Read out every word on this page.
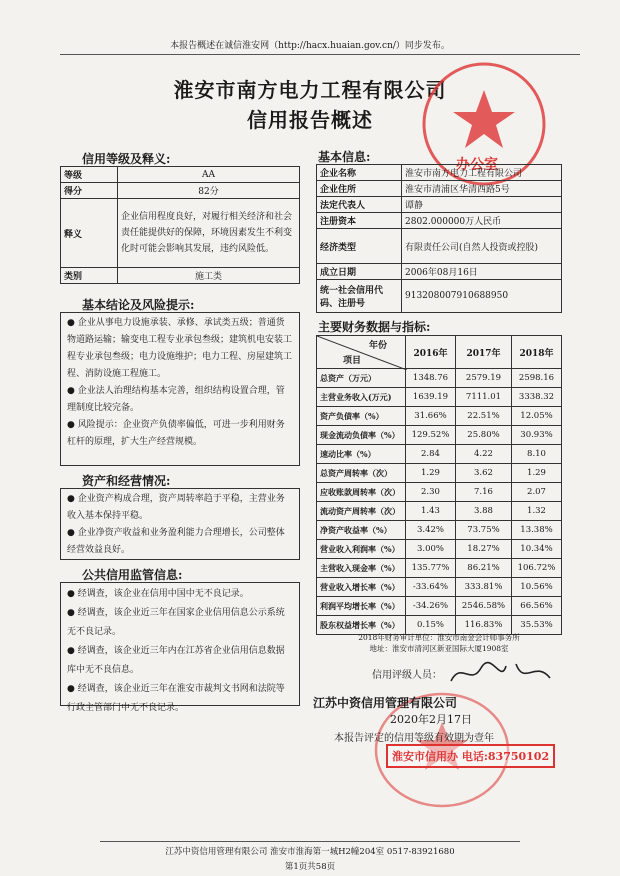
本报告概述在诚信淮安网（http://hacx.huaian.gov.cn/）同步发布。
淮安市南方电力工程有限公司
信用报告概述
办公室
信用等级及释义:
等级	AA
得分	82分
释义	企业信用程度良好，对履行相关经济和社会责任能提供好的保障，环境因素发生不利变化时可能会影响其发展，违约风险低。
类别	施工类
基本信息:
企业名称	淮安市南方电力工程有限公司
企业住所	淮安市清浦区华清西路5号
法定代表人	谭静
注册资本	2802.000000万人民币
经济类型	有限责任公司(自然人投资或控股)
成立日期	2006年08月16日
统一社会信用代码、注册号	913208007910688950
基本结论及风险提示:

● 企业从事电力设施承装、承修、承试类五级；普通货物道路运输；输变电工程专业承包叁级；建筑机电安装工程专业承包叁级；电力设施维护；电力工程、房屋建筑工程、消防设施工程施工。

● 企业法人治理结构基本完善，组织结构设置合理，管理制度比较完备。

● 风险提示：企业资产负债率偏低，可进一步利用财务杠杆的原理，扩大生产经营规模。

资产和经营情况:

● 企业资产构成合理，资产周转率趋于平稳，主营业务收入基本保持平稳。

● 企业净资产收益和业务盈利能力合理增长，公司整体经营效益良好。

公共信用监管信息:

● 经调查，该企业在信用中国中无不良记录。

● 经调查，该企业近三年在国家企业信用信息公示系统无不良记录。

● 经调查，该企业近三年内在江苏省企业信用信息数据库中无不良信息。

● 经调查，该企业近三年在淮安市裁判文书网和法院等行政主管部门中无不良记录。

主要财务数据与指标:
年份
项目	2016年	2017年	2018年
总资产（万元）	1348.76	2579.19	2598.16
主营业务收入(万元)	1639.19	7111.01	3338.32
资产负债率（%）	31.66%	22.51%	12.05%
现金流动负债率（%）	129.52%	25.80%	30.93%
速动比率（%）	2.84	4.22	8.10
总资产周转率（次）	1.29	3.62	1.29
应收账款周转率（次）	2.30	7.16	2.07
流动资产周转率（次）	1.43	3.88	1.32
净资产收益率（%）	3.42%	73.75%	13.38%
营业收入利润率（%）	3.00%	18.27%	10.34%
主营收入现金率（%）	135.77%	86.21%	106.72%
营业收入增长率（%）	-33.64%	333.81%	10.56%
利润平均增长率（%）	-34.26%	2546.58%	66.56%
股东权益增长率（%）	0.15%	116.83%	35.53%
2018年财务审计单位：淮安市南金会计师事务所
地址：淮安市清河区新亚国际大厦1908室
信用评级人员：
江苏中资信用管理有限公司
2020年2月17日
本报告评定的信用等级有效期为壹年
淮安市信用办 电话:83750102
江苏中资信用管理有限公司 淮安市淮海第一城H2幢204室 0517-83921680
第1页共58页
